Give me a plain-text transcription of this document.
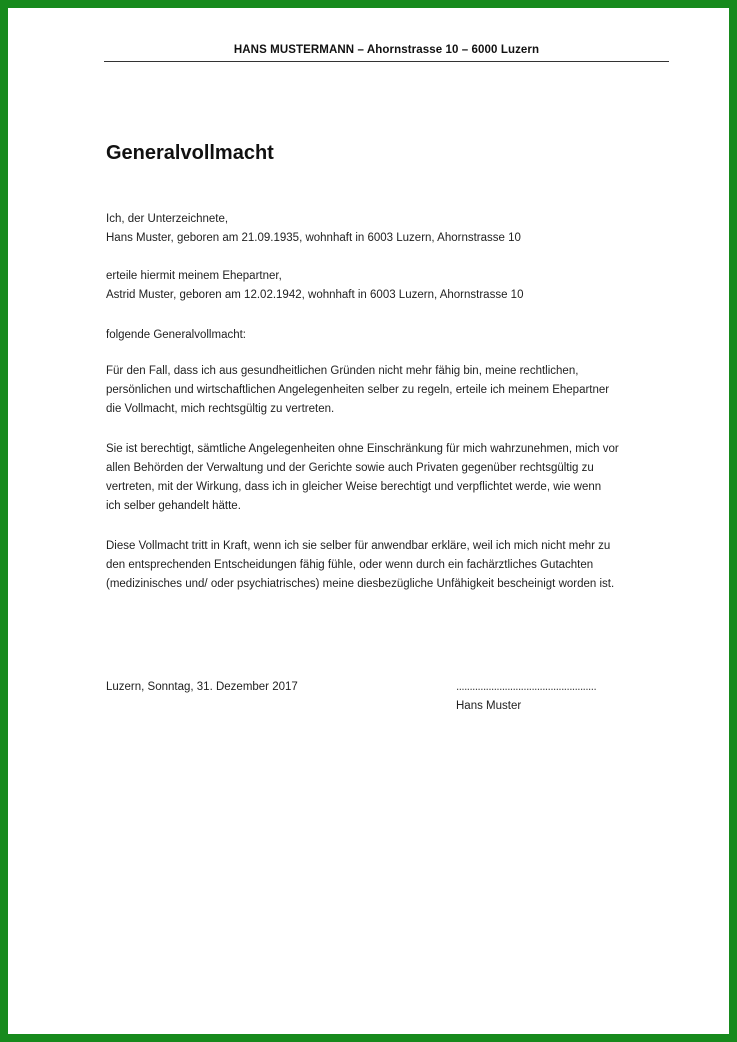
HANS MUSTERMANN – Ahornstrasse 10 – 6000 Luzern
Generalvollmacht
Ich, der Unterzeichnete,
Hans Muster, geboren am 21.09.1935, wohnhaft in 6003 Luzern, Ahornstrasse 10
erteile hiermit meinem Ehepartner,
Astrid Muster, geboren am 12.02.1942, wohnhaft in 6003 Luzern, Ahornstrasse 10
folgende Generalvollmacht:
Für den Fall, dass ich aus gesundheitlichen Gründen nicht mehr fähig bin, meine rechtlichen,
persönlichen und wirtschaftlichen Angelegenheiten selber zu regeln, erteile ich meinem Ehepartner
die Vollmacht, mich rechtsgültig zu vertreten.
Sie ist berechtigt, sämtliche Angelegenheiten ohne Einschränkung für mich wahrzunehmen, mich vor
allen Behörden der Verwaltung und der Gerichte sowie auch Privaten gegenüber rechtsgültig zu
vertreten, mit der Wirkung, dass ich in gleicher Weise berechtigt und verpflichtet werde, wie wenn
ich selber gehandelt hätte.
Diese Vollmacht tritt in Kraft, wenn ich sie selber für anwendbar erkläre, weil ich mich nicht mehr zu
den entsprechenden Entscheidungen fähig fühle, oder wenn durch ein fachärztliches Gutachten
(medizinisches und/ oder psychiatrisches) meine diesbezügliche Unfähigkeit bescheinigt worden ist.
Luzern, Sonntag, 31. Dezember 2017	....................................................
Hans Muster
